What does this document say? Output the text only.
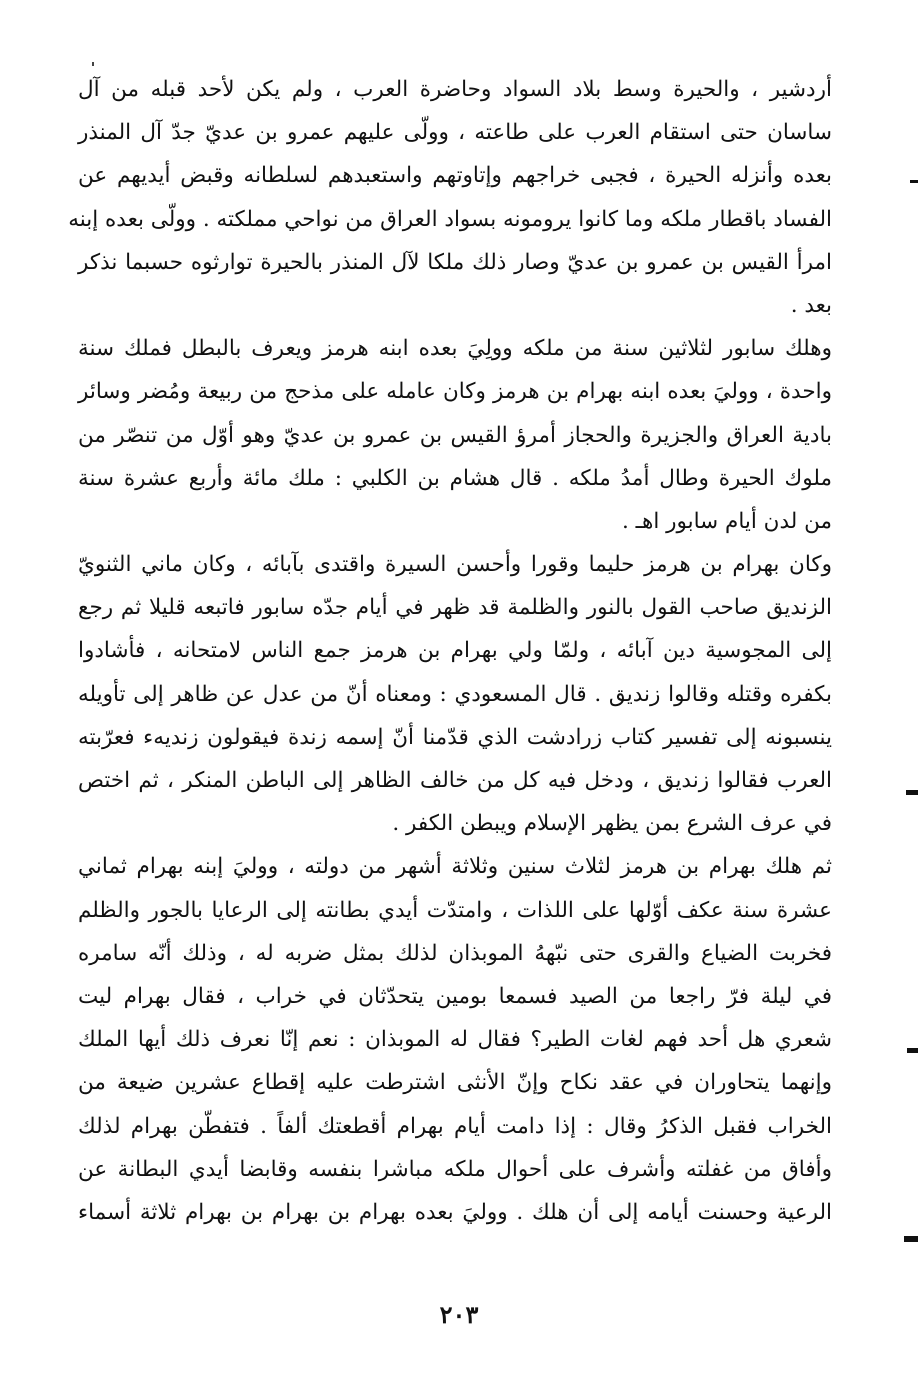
أردشير ، والحيرة وسط بلاد السواد وحاضرة العرب ، ولم يكن لأحد قبله من آل
ساسان حتى استقام العرب على طاعته ، وولّى عليهم عمرو بن عديّ جدّ آل المنذر
بعده وأنزله الحيرة ، فجبى خراجهم وإتاوتهم واستعبدهم لسلطانه وقبض أيديهم عن
الفساد باقطار ملكه وما كانوا يرومونه بسواد العراق من نواحي مملكته . وولّى بعده إبنه
امرأ القيس بن عمرو بن عديّ وصار ذلك ملكا لآل المنذر بالحيرة توارثوه حسبما نذكر
بعد .
وهلك سابور لثلاثين سنة من ملكه وولِيَ بعده ابنه هرمز ويعرف بالبطل فملك سنة
واحدة ، ووليَ بعده ابنه بهرام بن هرمز وكان عامله على مذحج من ربيعة ومُضر وسائر
بادية العراق والجزيرة والحجاز أمرؤ القيس بن عمرو بن عديّ وهو أوّل من تنصّر من
ملوك الحيرة وطال أمدُ ملكه . قال هشام بن الكلبي : ملك مائة وأربع عشرة سنة
من لدن أيام سابور اهـ .
وكان بهرام بن هرمز حليما وقورا وأحسن السيرة واقتدى بآبائه ، وكان ماني الثنويّ
الزنديق صاحب القول بالنور والظلمة قد ظهر في أيام جدّه سابور فاتبعه قليلا ثم رجع
إلى المجوسية دين آبائه ، ولمّا ولي بهرام بن هرمز جمع الناس لامتحانه ، فأشادوا
بكفره وقتله وقالوا زنديق . قال المسعودي : ومعناه أنّ من عدل عن ظاهر إلى تأويله
ينسبونه إلى تفسير كتاب زرادشت الذي قدّمنا أنّ إسمه زندة فيقولون زنديهء فعرّبته
العرب فقالوا زنديق ، ودخل فيه كل من خالف الظاهر إلى الباطن المنكر ، ثم اختص
في عرف الشرع بمن يظهر الإسلام ويبطن الكفر .
ثم هلك بهرام بن هرمز لثلاث سنين وثلاثة أشهر من دولته ، ووليَ إبنه بهرام ثماني
عشرة سنة عكف أوّلها على اللذات ، وامتدّت أيدي بطانته إلى الرعايا بالجور والظلم
فخربت الضياع والقرى حتى نبّههُ الموبذان لذلك بمثل ضربه له ، وذلك أنّه سامره
في ليلة فرّ راجعا من الصيد فسمعا بومين يتحدّثان في خراب ، فقال بهرام ليت
شعري هل أحد فهم لغات الطير؟ فقال له الموبذان : نعم إنّا نعرف ذلك أيها الملك
وإنهما يتحاوران في عقد نكاح وإنّ الأنثى اشترطت عليه إقطاع عشرين ضيعة من
الخراب فقبل الذكرُ وقال : إذا دامت أيام بهرام أقطعتك ألفاً . فتفطّن بهرام لذلك
وأفاق من غفلته وأشرف على أحوال ملكه مباشرا بنفسه وقابضا أيدي البطانة عن
الرعية وحسنت أيامه إلى أن هلك . ووليَ بعده بهرام بن بهرام بن بهرام ثلاثة أسماء
٢٠٣
